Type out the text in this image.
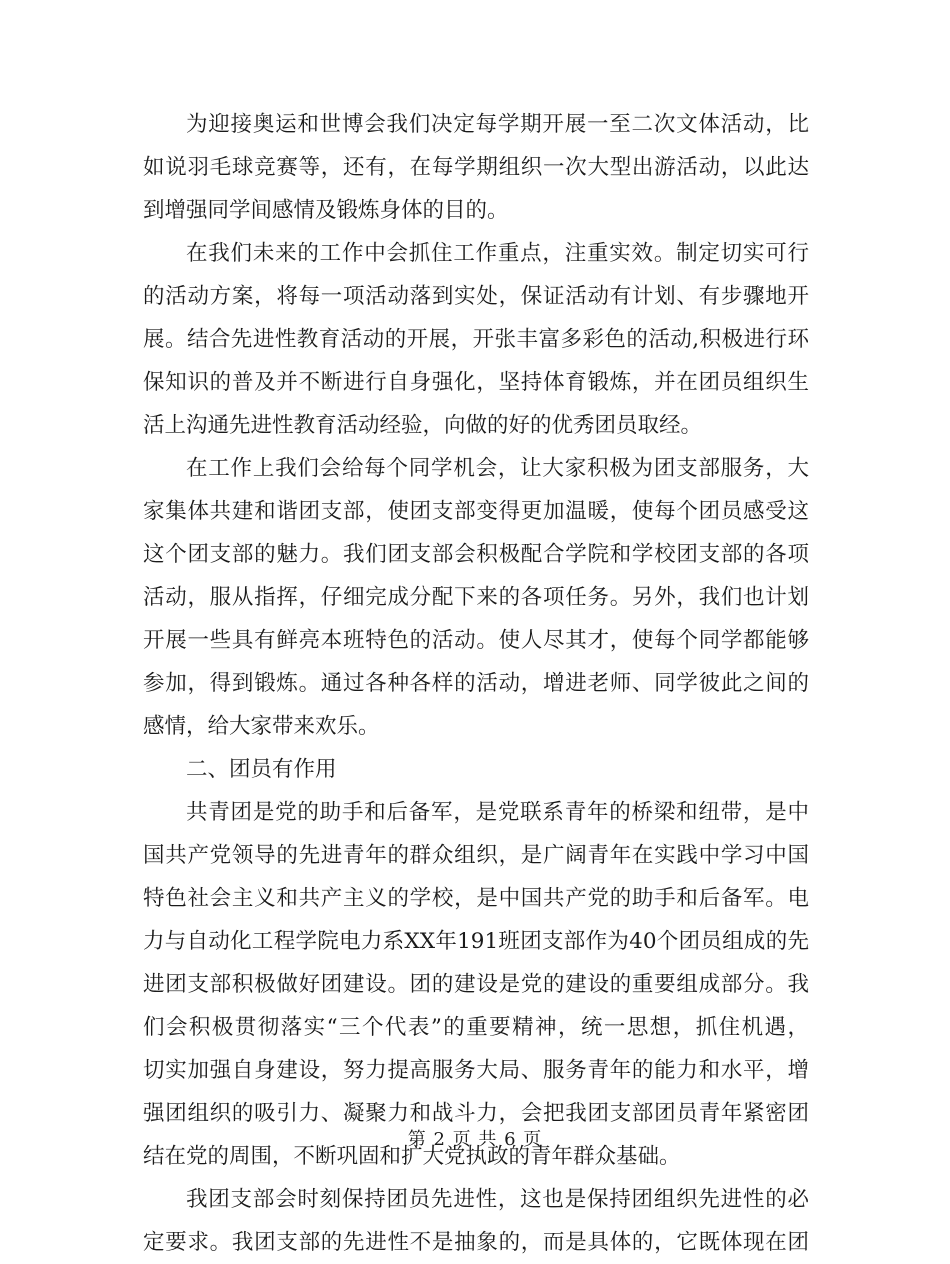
为迎接奥运和世博会我们决定每学期开展一至二次文体活动，比
如说羽毛球竞赛等，还有，在每学期组织一次大型出游活动，以此达
到增强同学间感情及锻炼身体的目的。
在我们未来的工作中会抓住工作重点，注重实效。制定切实可行
的活动方案，将每一项活动落到实处，保证活动有计划、有步骤地开
展。结合先进性教育活动的开展，开张丰富多彩色的活动,积极进行环
保知识的普及并不断进行自身强化，坚持体育锻炼，并在团员组织生
活上沟通先进性教育活动经验，向做的好的优秀团员取经。
在工作上我们会给每个同学机会，让大家积极为团支部服务，大
家集体共建和谐团支部，使团支部变得更加温暖，使每个团员感受这
这个团支部的魅力。我们团支部会积极配合学院和学校团支部的各项
活动，服从指挥，仔细完成分配下来的各项任务。另外，我们也计划
开展一些具有鲜亮本班特色的活动。使人尽其才，使每个同学都能够
参加，得到锻炼。通过各种各样的活动，增进老师、同学彼此之间的
感情，给大家带来欢乐。
二、团员有作用
共青团是党的助手和后备军，是党联系青年的桥梁和纽带，是中
国共产党领导的先进青年的群众组织，是广阔青年在实践中学习中国
特色社会主义和共产主义的学校，是中国共产党的助手和后备军。电
力与自动化工程学院电力系XX年191班团支部作为40个团员组成的先
进团支部积极做好团建设。团的建设是党的建设的重要组成部分。我
们会积极贯彻落实“三个代表”的重要精神，统一思想，抓住机遇，
切实加强自身建设，努力提高服务大局、服务青年的能力和水平，增
强团组织的吸引力、凝聚力和战斗力，会把我团支部团员青年紧密团
结在党的周围，不断巩固和扩大党执政的青年群众基础。
我团支部会时刻保持团员先进性，这也是保持团组织先进性的必
定要求。我团支部的先进性不是抽象的，而是具体的，它既体现在团
第 2 页 共 6 页
